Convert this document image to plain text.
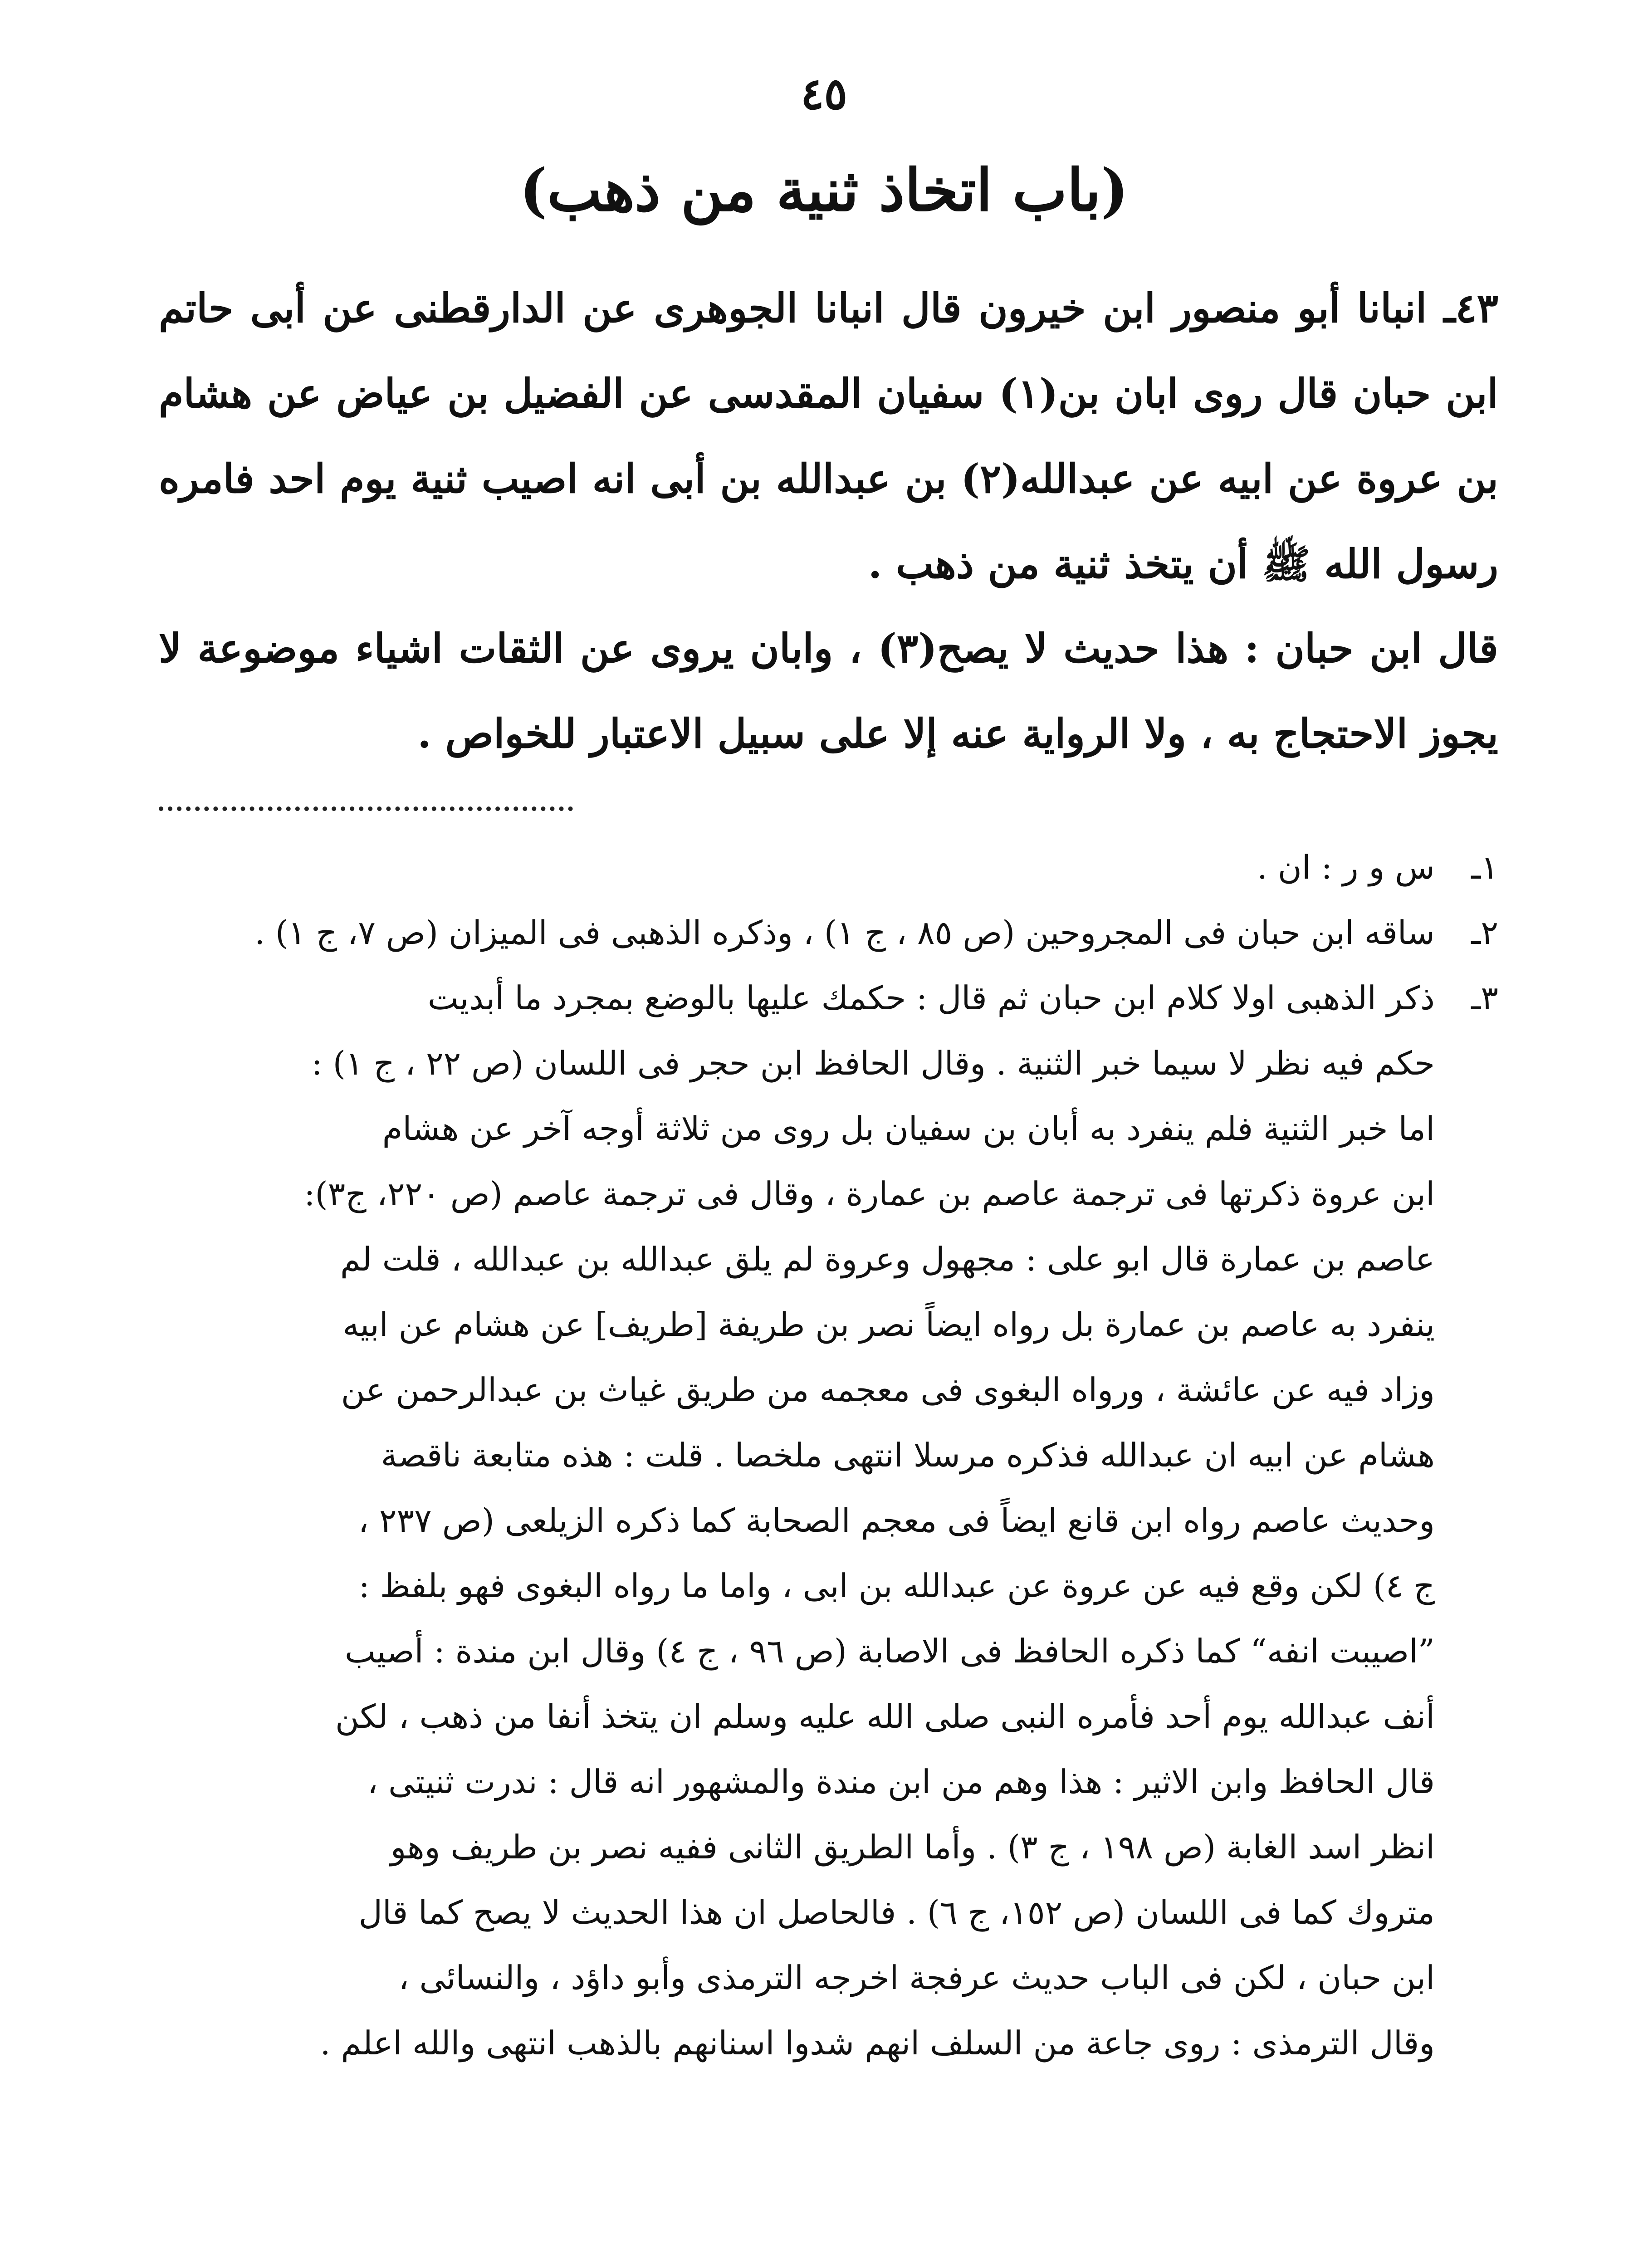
٤٥
(باب اتخاذ ثنية من ذهب)
٤٣ـ انبانا أبو منصور ابن خيرون قال انبانا الجوهرى عن الدارقطنى عن أبى حاتم ابن حبان قال روى ابان بن(١) سفيان المقدسى عن الفضيل بن عياض عن هشام بن عروة عن ابيه عن عبدالله(٢) بن عبدالله بن أبى انه اصيب ثنية يوم احد فامره رسول الله ﷺ أن يتخذ ثنية من ذهب .
قال ابن حبان : هذا حديث لا يصح(٣) ، وابان يروى عن الثقات اشياء موضوعة لا يجوز الاحتجاج به ، ولا الرواية عنه إلا على سبيل الاعتبار للخواص .
١ـ

س و ر : ان .

٢ـ

ساقه ابن حبان فى المجروحين (ص ٨٥ ، ج ١) ، وذكره الذهبى فى الميزان (ص ٧، ج ١) .

٣ـ

ذكر الذهبى اولا كلام ابن حبان ثم قال : حكمك عليها بالوضع بمجرد ما أبديت

حكم فيه نظر لا سيما خبر الثنية . وقال الحافظ ابن حجر فى اللسان (ص ٢٢ ، ج ١) :

اما خبر الثنية فلم ينفرد به أبان بن سفيان بل روى من ثلاثة أوجه آخر عن هشام

ابن عروة ذكرتها فى ترجمة عاصم بن عمارة ، وقال فى ترجمة عاصم (ص ٢٢٠، ج٣):

عاصم بن عمارة قال ابو على : مجهول وعروة لم يلق عبدالله بن عبدالله ، قلت لم

ينفرد به عاصم بن عمارة بل رواه ايضاً نصر بن طريفة [طريف] عن هشام عن ابيه

وزاد فيه عن عائشة ، ورواه البغوى فى معجمه من طريق غياث بن عبدالرحمن عن

هشام عن ابيه ان عبدالله فذكره مرسلا انتهى ملخصا . قلت : هذه متابعة ناقصة

وحديث عاصم رواه ابن قانع ايضاً فى معجم الصحابة كما ذكره الزيلعى (ص ٢٣٧ ،

ج ٤) لكن وقع فيه عن عروة عن عبدالله بن ابى ، واما ما رواه البغوى فهو بلفظ :

”اصيبت انفه“ كما ذكره الحافظ فى الاصابة (ص ٩٦ ، ج ٤) وقال ابن مندة : أصيب

أنف عبدالله يوم أحد فأمره النبى صلى الله عليه وسلم ان يتخذ أنفا من ذهب ، لكن

قال الحافظ وابن الاثير : هذا وهم من ابن مندة والمشهور انه قال : ندرت ثنيتى ،

انظر اسد الغابة (ص ١٩٨ ، ج ٣) . وأما الطريق الثانى ففيه نصر بن طريف وهو

متروك كما فى اللسان (ص ١٥٢، ج ٦) . فالحاصل ان هذا الحديث لا يصح كما قال

ابن حبان ، لكن فى الباب حديث عرفجة اخرجه الترمذى وأبو داؤد ، والنسائى ،

وقال الترمذى : روى جاعة من السلف انهم شدوا اسنانهم بالذهب انتهى والله اعلم .
